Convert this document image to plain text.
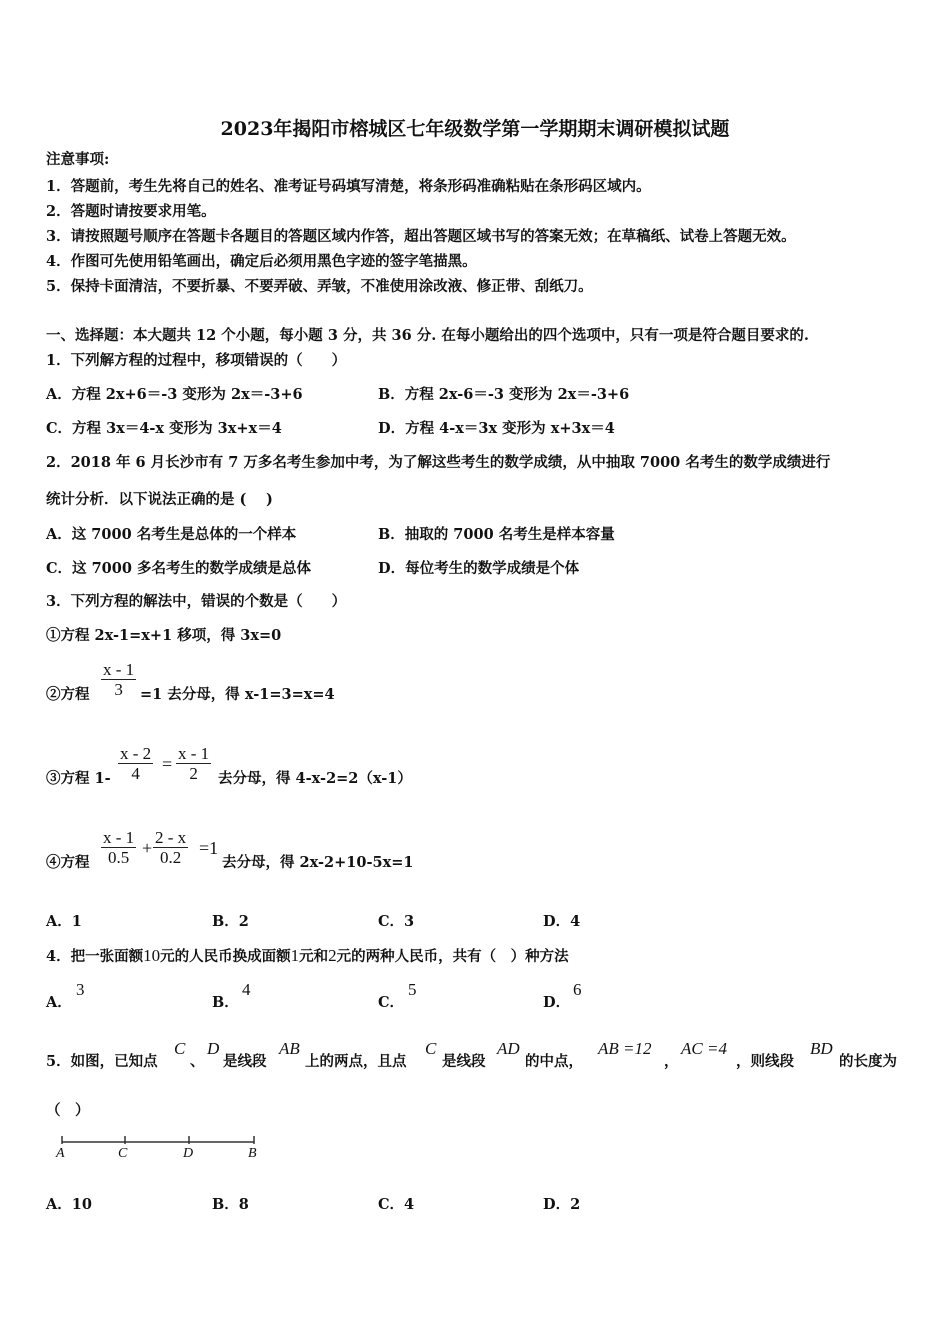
2023年揭阳市榕城区七年级数学第一学期期末调研模拟试题
注意事项:
1．答题前，考生先将自己的姓名、准考证号码填写清楚，将条形码准确粘贴在条形码区域内。
2．答题时请按要求用笔。
3．请按照题号顺序在答题卡各题目的答题区域内作答，超出答题区域书写的答案无效；在草稿纸、试卷上答题无效。
4．作图可先使用铅笔画出，确定后必须用黑色字迹的签字笔描黑。
5．保持卡面清洁，不要折暴、不要弄破、弄皱，不准使用涂改液、修正带、刮纸刀。
一、选择题：本大题共 12 个小题，每小题 3 分，共 36 分. 在每小题给出的四个选项中，只有一项是符合题目要求的.
1．下列解方程的过程中，移项错误的（　　）
A．方程 2x+6＝-3 变形为 2x＝-3+6	B．方程 2x-6＝-3 变形为 2x＝-3+6
C．方程 3x＝4-x 变形为 3x+x＝4	D．方程 4-x＝3x 变形为 x+3x＝4
2．2018 年 6 月长沙市有 7 万多名考生参加中考，为了解这些考生的数学成绩，从中抽取 7000 名考生的数学成绩进行
统计分析．以下说法正确的是 ( 　)
A．这 7000 名考生是总体的一个样本	B．抽取的 7000 名考生是样本容量
C．这 7000 多名考生的数学成绩是总体	D．每位考生的数学成绩是个体
3．下列方程的解法中，错误的个数是（　　）
①方程 2x-1=x+1 移项，得 3x=0
②方程
x - 1
3	=1 去分母，得 x-1=3=x=4
③方程 1-
x - 2
4	=
x - 1
2	去分母，得 4-x-2=2（x-1）
④方程
x - 1
0.5 +
2 - x
0.2 =1
去分母，得 2x-2+10-5x=1
A．1	B．2	C．3	D．4
4．把一张面额10元的人民币换成面额1元和2元的两种人民币，共有（　）种方法
A．
3
B．
4
C．
5
D．
6
5．如图，已知点
C
、
D
是线段
AB
上的两点，且点
C
是线段
AD
的中点，
AB =12
，
AC =4
，则线段
BD
的长度为
（　）
A	C	D	B
A．10	B．8	C．4	D．2
